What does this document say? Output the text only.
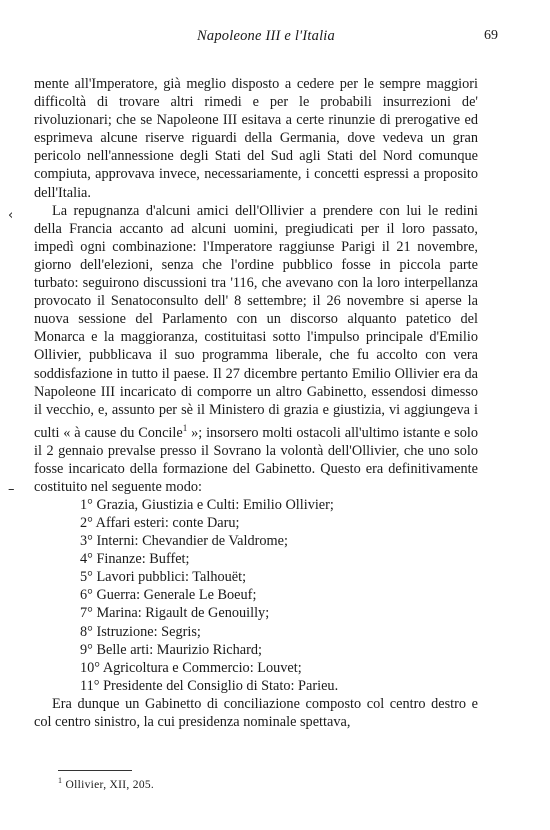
Napoleone III e l'Italia	69
‹
–

mente all'Imperatore, già meglio disposto a cedere per le sempre maggiori difficoltà di trovare altri rimedi e per le probabili insurrezioni de' rivoluzionari; che se Napoleone III esitava a certe rinunzie di prerogative ed esprimeva alcune riserve riguardi della Germania, dove vedeva un gran pericolo nell'annessione degli Stati del Sud agli Stati del Nord comunque compiuta, approvava invece, necessariamente, i concetti espressi a proposito dell'Italia.

La repugnanza d'alcuni amici dell'Ollivier a prendere con lui le redini della Francia accanto ad alcuni uomini, pregiudicati per il loro passato, impedì ogni combinazione: l'Imperatore raggiunse Parigi il 21 novembre, giorno dell'elezioni, senza che l'ordine pubblico fosse in piccola parte turbato: seguirono discussioni tra '116, che avevano con la loro interpellanza provocato il Senatoconsulto dell' 8 settembre; il 26 novembre si aperse la nuova sessione del Parlamento con un discorso alquanto patetico del Monarca e la maggioranza, costituitasi sotto l'impulso principale d'Emilio Ollivier, pubblicava il suo programma liberale, che fu accolto con vera soddisfazione in tutto il paese. Il 27 dicembre pertanto Emilio Ollivier era da Napoleone III incaricato di comporre un altro Gabinetto, essendosi dimesso il vecchio, e, assunto per sè il Ministero di grazia e giustizia, vi aggiungeva i culti « à cause du Concile$^1$ »; insorsero molti ostacoli all'ultimo istante e solo il 2 gennaio prevalse presso il Sovrano la volontà dell'Ollivier, che uno solo fosse incaricato della formazione del Gabinetto. Questo era definitivamente costituito nel seguente modo:

1° Grazia, Giustizia e Culti: Emilio Ollivier;
2° Affari esteri: conte Daru;
3° Interni: Chevandier de Valdrome;
4° Finanze: Buffet;
5° Lavori pubblici: Talhouët;
6° Guerra: Generale Le Boeuf;
7° Marina: Rigault de Genouilly;
8° Istruzione: Segris;
9° Belle arti: Maurizio Richard;
10° Agricoltura e Commercio: Louvet;
11° Presidente del Consiglio di Stato: Parieu.

Era dunque un Gabinetto di conciliazione composto col centro destro e col centro sinistro, la cui presidenza nominale spettava,

$^1$ Ollivier, XII, 205.
